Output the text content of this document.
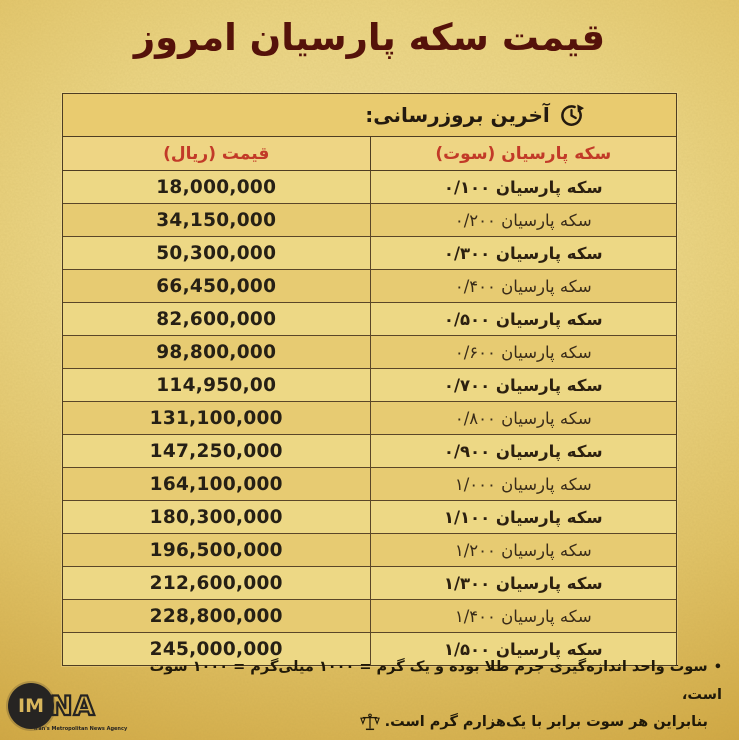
قیمت سکه پارسیان امروز
آخرین بروزرسانی:
قیمت (ریال)	سکه پارسیان (سوت)
18,000,000	سکه پارسیان ۰/۱۰۰
34,150,000	سکه پارسیان ۰/۲۰۰
50,300,000	سکه پارسیان ۰/۳۰۰
66,450,000	سکه پارسیان ۰/۴۰۰
82,600,000	سکه پارسیان ۰/۵۰۰
98,800,000	سکه پارسیان ۰/۶۰۰
114,950,00	سکه پارسیان ۰/۷۰۰
131,100,000	سکه پارسیان ۰/۸۰۰
147,250,000	سکه پارسیان ۰/۹۰۰
164,100,000	سکه پارسیان ۱/۰۰۰
180,300,000	سکه پارسیان ۱/۱۰۰
196,500,000	سکه پارسیان ۱/۲۰۰
212,600,000	سکه پارسیان ۱/۳۰۰
228,800,000	سکه پارسیان ۱/۴۰۰
245,000,000	سکه پارسیان ۱/۵۰۰
•سوت واحد اندازه‌گیری جرم طلا بوده و یک گرم = ۱۰۰۰ میلی‌گرم = ۱۰۰۰ سوت است،
بنابراین هر سوت برابر با یک‌هزارم گرم است.
IM NA
Iran's Metropolitan News Agency
